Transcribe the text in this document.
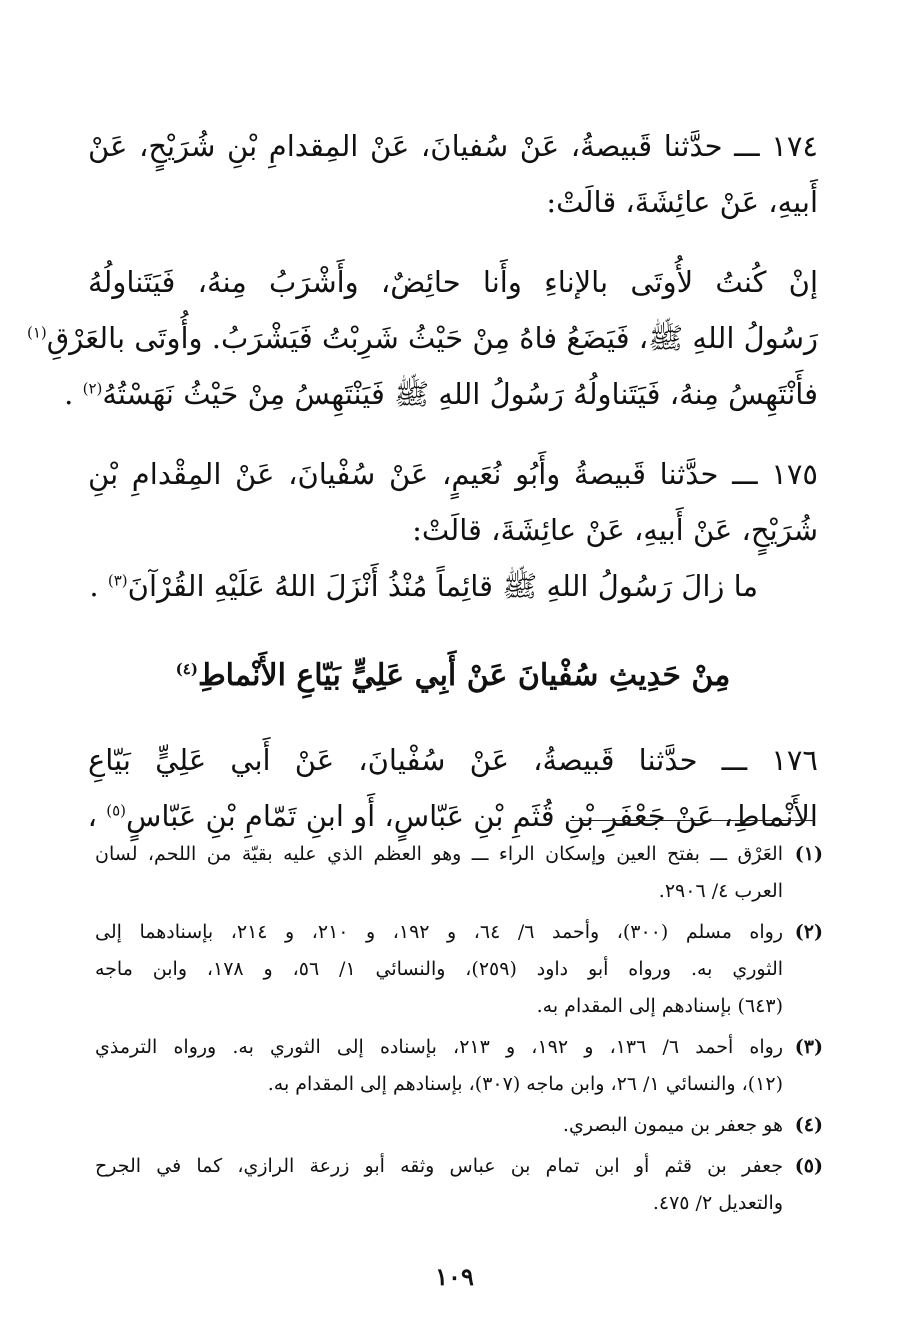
١٧٤ ـــ حدَّثنا قَبيصةُ، عَنْ سُفيانَ، عَنْ المِقدامِ بْنِ شُرَيْحٍ، عَنْ

أَبيهِ، عَنْ عائِشَةَ، قالَتْ:

إنْ كُنتُ لأُوتَى بالإناءِ وأَنا حائِضٌ، وأَشْرَبُ مِنهُ، فَيَتَناولُهُ

رَسُولُ اللهِ ﷺ، فَيَضَعُ فاهُ مِنْ حَيْثُ شَرِبْتُ فَيَشْرَبُ. وأُوتَى بالعَرْقِ$^{(١)}$

فأَنْتَهِسُ مِنهُ، فَيَتَناولُهُ رَسُولُ اللهِ ﷺ فَيَنْتَهِسُ مِنْ حَيْثُ نَهَسْتُهُ$^{(٢)}$ .

١٧٥ ـــ حدَّثنا قَبيصةُ وأَبُو نُعَيمٍ، عَنْ سُفْيانَ، عَنْ المِقْدامِ بْنِ

شُرَيْحٍ، عَنْ أَبيهِ، عَنْ عائِشَةَ، قالَتْ:

ما زالَ رَسُولُ اللهِ ﷺ قائِماً مُنْذُ أَنْزَلَ اللهُ عَلَيْهِ القُرْآنَ$^{(٣)}$ .

مِنْ حَدِيثِ سُفْيانَ عَنْ أَبِي عَلِيٍّ بَيّاعِ الأَنْماطِ$^{(٤)}$

١٧٦ ـــ حدَّثنا قَبيصةُ، عَنْ سُفْيانَ، عَنْ أَبي عَلِيٍّ بَيّاعِ

الأَنْماطِ، عَنْ جَعْفَرِ بْنِ قُثَمِ بْنِ عَبّاسٍ، أَو ابنِ تَمّامِ بْنِ عَبّاسٍ$^{(٥)}$ ،

(١)

العَرْق ـــ بفتح العين وإسكان الراء ـــ وهو العظم الذي عليه بقيّة من اللحم، لسان

العرب ٤/ ٢٩٠٦.

(٢)

رواه مسلم (٣٠٠)، وأحمد ٦/ ٦٤، و ١٩٢، و ٢١٠، و ٢١٤، بإسنادهما إلى

الثوري به. ورواه أبو داود (٢٥٩)، والنسائي ١/ ٥٦، و ١٧٨، وابن ماجه

(٦٤٣) بإسنادهم إلى المقدام به.

(٣)

رواه أحمد ٦/ ١٣٦، و ١٩٢، و ٢١٣، بإسناده إلى الثوري به. ورواه الترمذي

(١٢)، والنسائي ١/ ٢٦، وابن ماجه (٣٠٧)، بإسنادهم إلى المقدام به.

(٤)

هو جعفر بن ميمون البصري.

(٥)

جعفر بن قثم أو ابن تمام بن عباس وثقه أبو زرعة الرازي، كما في الجرح

والتعديل ٢/ ٤٧٥.

١٠٩
